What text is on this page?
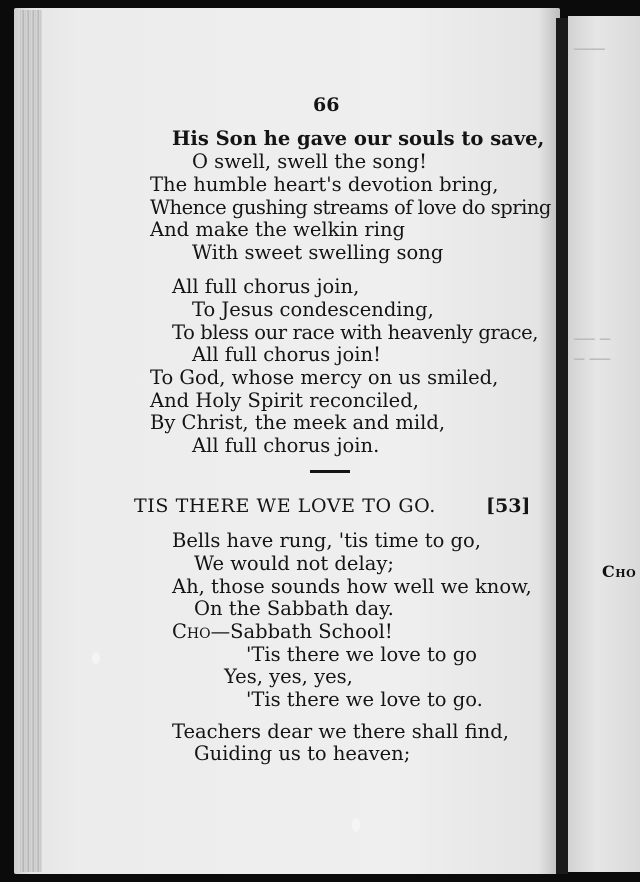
───
── ─
─ ──
Cho
66
His Son he gave our souls to save,
O swell, swell the song!
The humble heart's devotion bring,
Whence gushing streams of love do spring
And make the welkin ring
With sweet swelling song
All full chorus join,
To Jesus condescending,
To bless our race with heavenly grace,
All full chorus join!
To God, whose mercy on us smiled,
And Holy Spirit reconciled,
By Christ, the meek and mild,
All full chorus join.
TIS THERE WE LOVE TO GO.	[53]
Bells have rung, 'tis time to go,
We would not delay;
Ah, those sounds how well we know,
On the Sabbath day.
Cho—Sabbath School!
'Tis there we love to go
Yes, yes, yes,
'Tis there we love to go.
Teachers dear we there shall find,
Guiding us to heaven;
